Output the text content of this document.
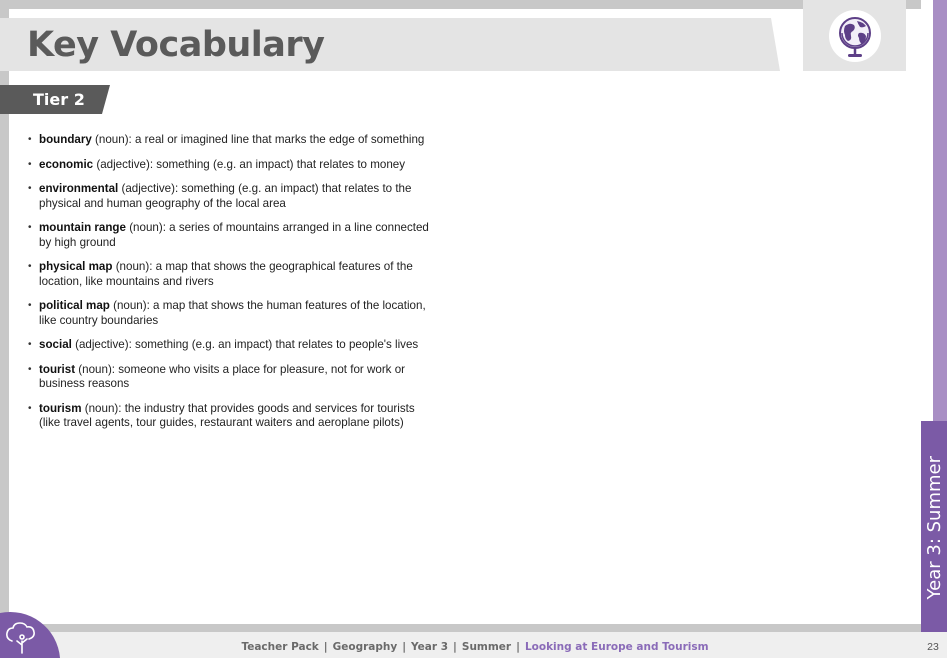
Key Vocabulary
Tier 2
• boundary (noun): a real or imagined line that marks the edge of something
• economic (adjective): something (e.g. an impact) that relates to money
• environmental (adjective): something (e.g. an impact) that relates to the physical and human geography of the local area
• mountain range (noun): a series of mountains arranged in a line connected by high ground
• physical map (noun): a map that shows the geographical features of the location, like mountains and rivers
• political map (noun): a map that shows the human features of the location, like country boundaries
• social (adjective): something (e.g. an impact) that relates to people's lives
• tourist (noun): someone who visits a place for pleasure, not for work or business reasons
• tourism (noun): the industry that provides goods and services for tourists (like travel agents, tour guides, restaurant waiters and aeroplane pilots)
Year 3: Summer
Teacher Pack | Geography | Year 3 | Summer | Looking at Europe and Tourism	23
